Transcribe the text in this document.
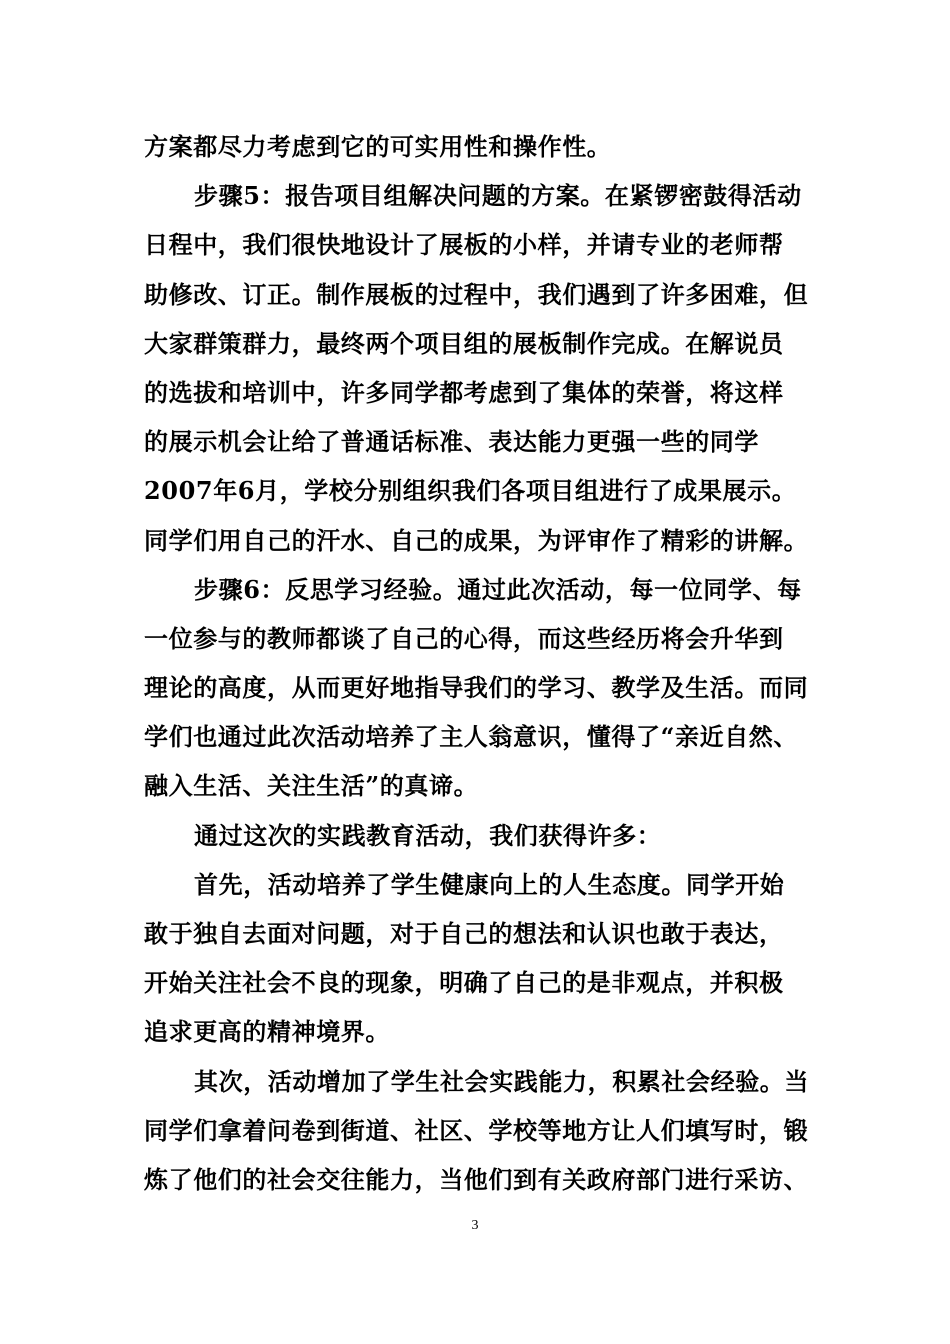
方案都尽力考虑到它的可实用性和操作性。
步骤5：报告项目组解决问题的方案。在紧锣密鼓得活动
日程中，我们很快地设计了展板的小样，并请专业的老师帮
助修改、订正。制作展板的过程中，我们遇到了许多困难，但
大家群策群力，最终两个项目组的展板制作完成。在解说员
的选拔和培训中，许多同学都考虑到了集体的荣誉，将这样
的展示机会让给了普通话标准、表达能力更强一些的同学
2007年6月，学校分别组织我们各项目组进行了成果展示。
同学们用自己的汗水、自己的成果，为评审作了精彩的讲解。
步骤6：反思学习经验。通过此次活动，每一位同学、每
一位参与的教师都谈了自己的心得，而这些经历将会升华到
理论的高度，从而更好地指导我们的学习、教学及生活。而同
学们也通过此次活动培养了主人翁意识，懂得了“亲近自然、
融入生活、关注生活”的真谛。
通过这次的实践教育活动，我们获得许多：
首先，活动培养了学生健康向上的人生态度。同学开始
敢于独自去面对问题，对于自己的想法和认识也敢于表达，
开始关注社会不良的现象，明确了自己的是非观点，并积极
追求更高的精神境界。
其次，活动增加了学生社会实践能力，积累社会经验。当
同学们拿着问卷到街道、社区、学校等地方让人们填写时，锻
炼了他们的社会交往能力，当他们到有关政府部门进行采访、
3
